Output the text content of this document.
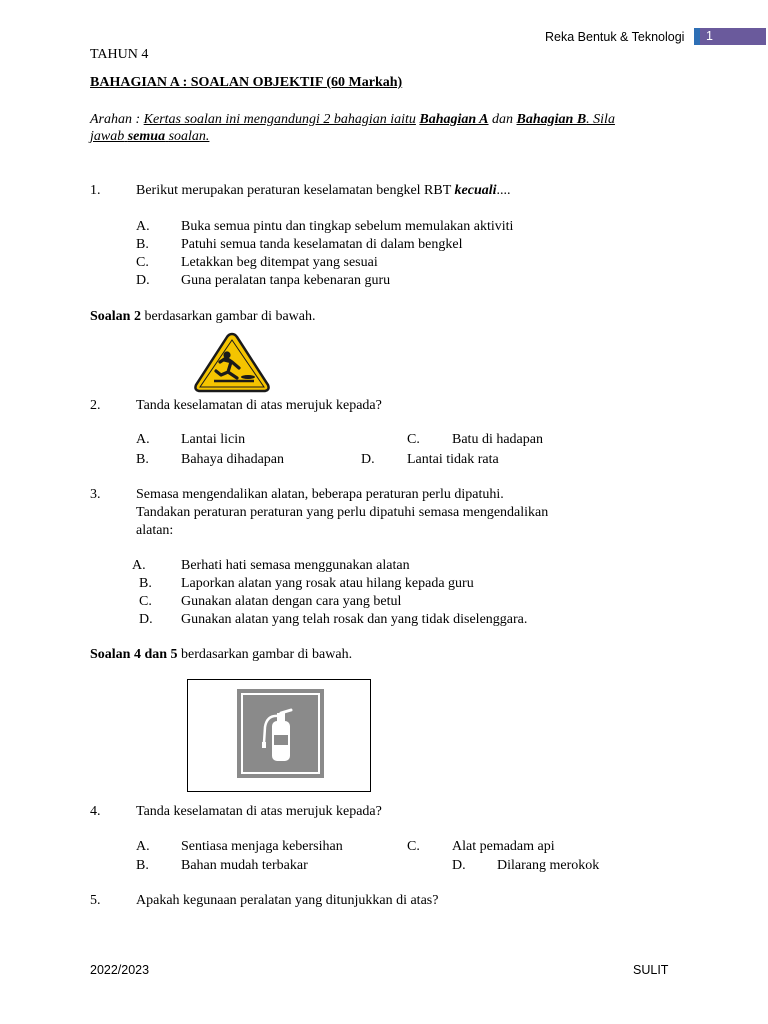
Reka Bentuk & Teknologi 1
TAHUN 4
BAHAGIAN A : SOALAN OBJEKTIF (60 Markah)
Arahan : Kertas soalan ini mengandungi 2 bahagian iaitu Bahagian A dan Bahagian B. Sila
jawab semua soalan.
1.	Berikut merupakan peraturan keselamatan bengkel RBT kecuali....
A. Buka semua pintu dan tingkap sebelum memulakan aktiviti
B. Patuhi semua tanda keselamatan di dalam bengkel
C. Letakkan beg ditempat yang sesuai
D. Guna peralatan tanpa kebenaran guru
Soalan 2 berdasarkan gambar di bawah.
2.	Tanda keselamatan di atas merujuk kepada?
A. Lantai licin	C. Batu di hadapan
B. Bahaya dihadapan	D. Lantai tidak rata
3.	Semasa mengendalikan alatan, beberapa peraturan perlu dipatuhi.
Tandakan peraturan peraturan yang perlu dipatuhi semasa mengendalikan
alatan:
A.	Berhati hati semasa menggunakan alatan
B. Laporkan alatan yang rosak atau hilang kepada guru
C. Gunakan alatan dengan cara yang betul
D. Gunakan alatan yang telah rosak dan yang tidak diselenggara.
Soalan 4 dan 5 berdasarkan gambar di bawah.
4.	Tanda keselamatan di atas merujuk kepada?
A. Sentiasa menjaga kebersihan	C. Alat pemadam api
B. Bahan mudah terbakar	D. Dilarang merokok
5.	Apakah kegunaan peralatan yang ditunjukkan di atas?
2022/2023	SULIT
